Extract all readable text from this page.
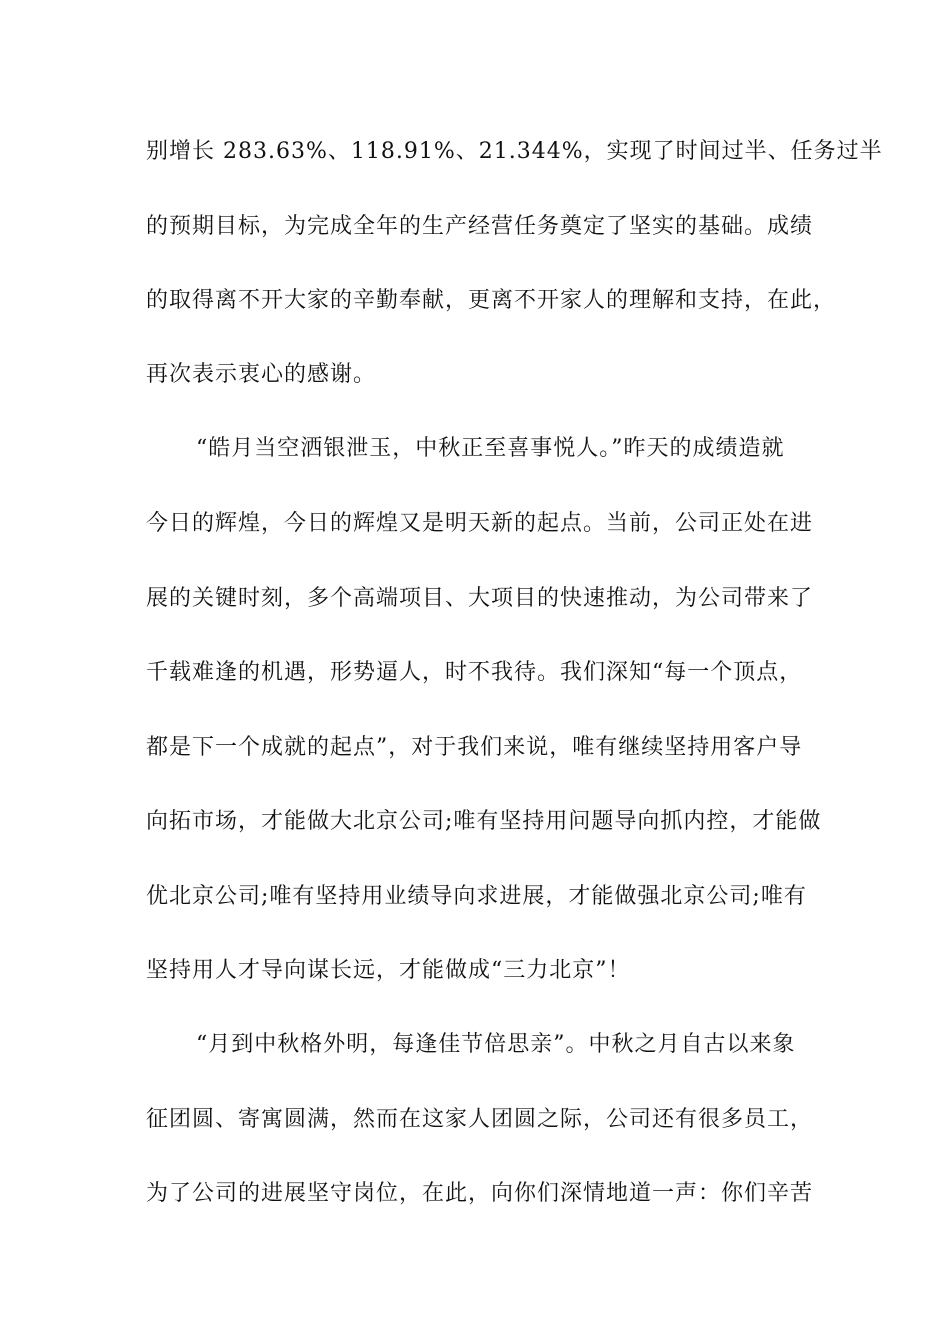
别增长 283.63%、118.91%、21.344%，实现了时间过半、任务过半
的预期目标，为完成全年的生产经营任务奠定了坚实的基础。成绩
的取得离不开大家的辛勤奉献，更离不开家人的理解和支持，在此，
再次表示衷心的感谢。
“皓月当空洒银泄玉，中秋正至喜事悦人。”昨天的成绩造就
今日的辉煌，今日的辉煌又是明天新的起点。当前，公司正处在进
展的关键时刻，多个高端项目、大项目的快速推动，为公司带来了
千载难逢的机遇，形势逼人，时不我待。我们深知“每一个顶点，
都是下一个成就的起点”，对于我们来说，唯有继续坚持用客户导
向拓市场，才能做大北京公司;唯有坚持用问题导向抓内控，才能做
优北京公司;唯有坚持用业绩导向求进展，才能做强北京公司;唯有
坚持用人才导向谋长远，才能做成“三力北京”！
“月到中秋格外明，每逢佳节倍思亲”。中秋之月自古以来象
征团圆、寄寓圆满，然而在这家人团圆之际，公司还有很多员工，
为了公司的进展坚守岗位，在此，向你们深情地道一声：你们辛苦
